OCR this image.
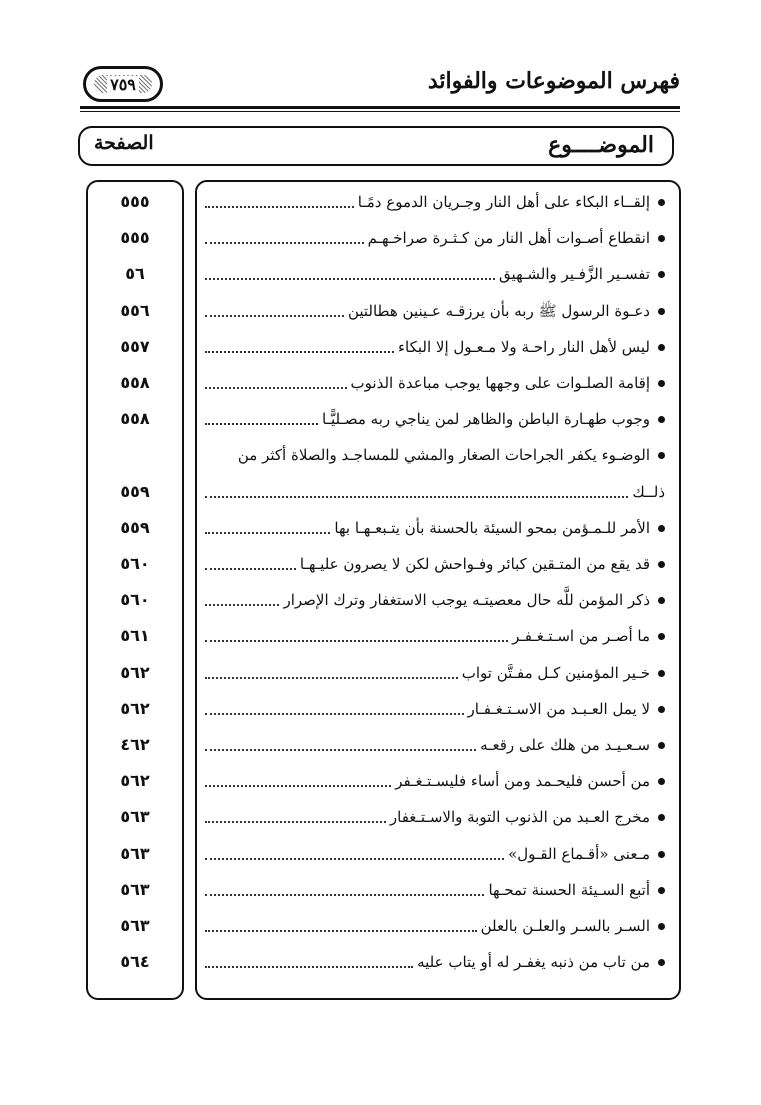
فهرس الموضوعات والفوائد
٧٥٩
الموضــــوع
الصفحة
إلقــاء البكاء على أهل النار وجـريان الدموع دمًـا
٥٥٥
انقطاع أصـوات أهل النار من كـثـرة صراخـهـم
٥٥٥
تفسـير الزَّفـير والشـهيق
٥٦
دعـوة الرسول ﷺ ربه بأن يرزقـه عـينين هطالتين
٥٥٦
ليس لأهل النار راحـة ولا مـعـول إلا البكاء
٥٥٧
إقامة الصلـوات على وجهها يوجب مباعدة الذنوب
٥٥٨
وجوب طهـارة الباطن والظاهر لمن يناجي ربه مصـليًّـا
٥٥٨
الوضـوء يكفر الجراحات الصغار والمشي للمساجـد والصلاة أكثر من
ذلــك
٥٥٩
الأمر للـمـؤمن بمحو السيئة بالحسنة بأن يتـبعـهـا بها
٥٥٩
قد يقع من المتـقين كبائر وفـواحش لكن لا يصرون عليـهـا
٥٦٠
ذكر المؤمن للَّه حال معصيتـه يوجب الاستغفار وترك الإصرار
٥٦٠
ما أصـر من اسـتـغـفـر
٥٦١
خـير المؤمنين كـل مفـتَّن تواب
٥٦٢
لا يمل العـبـد من الاسـتـغـفـار
٥٦٢
سـعـيـد من هلك على رقعـه
٤٦٢
من أحسن فليحـمد ومن أساء فليسـتـغـفر
٥٦٢
مخرج العـبد من الذنوب التوبة والاسـتـغفار
٥٦٣
مـعنى «أقـماع القـول»
٥٦٣
أتبع السـيئة الحسنة تمحـها
٥٦٣
السـر بالسـر والعلـن بالعلن
٥٦٣
من تاب من ذنبه يغفـر له أو يتاب عليه
٥٦٤
